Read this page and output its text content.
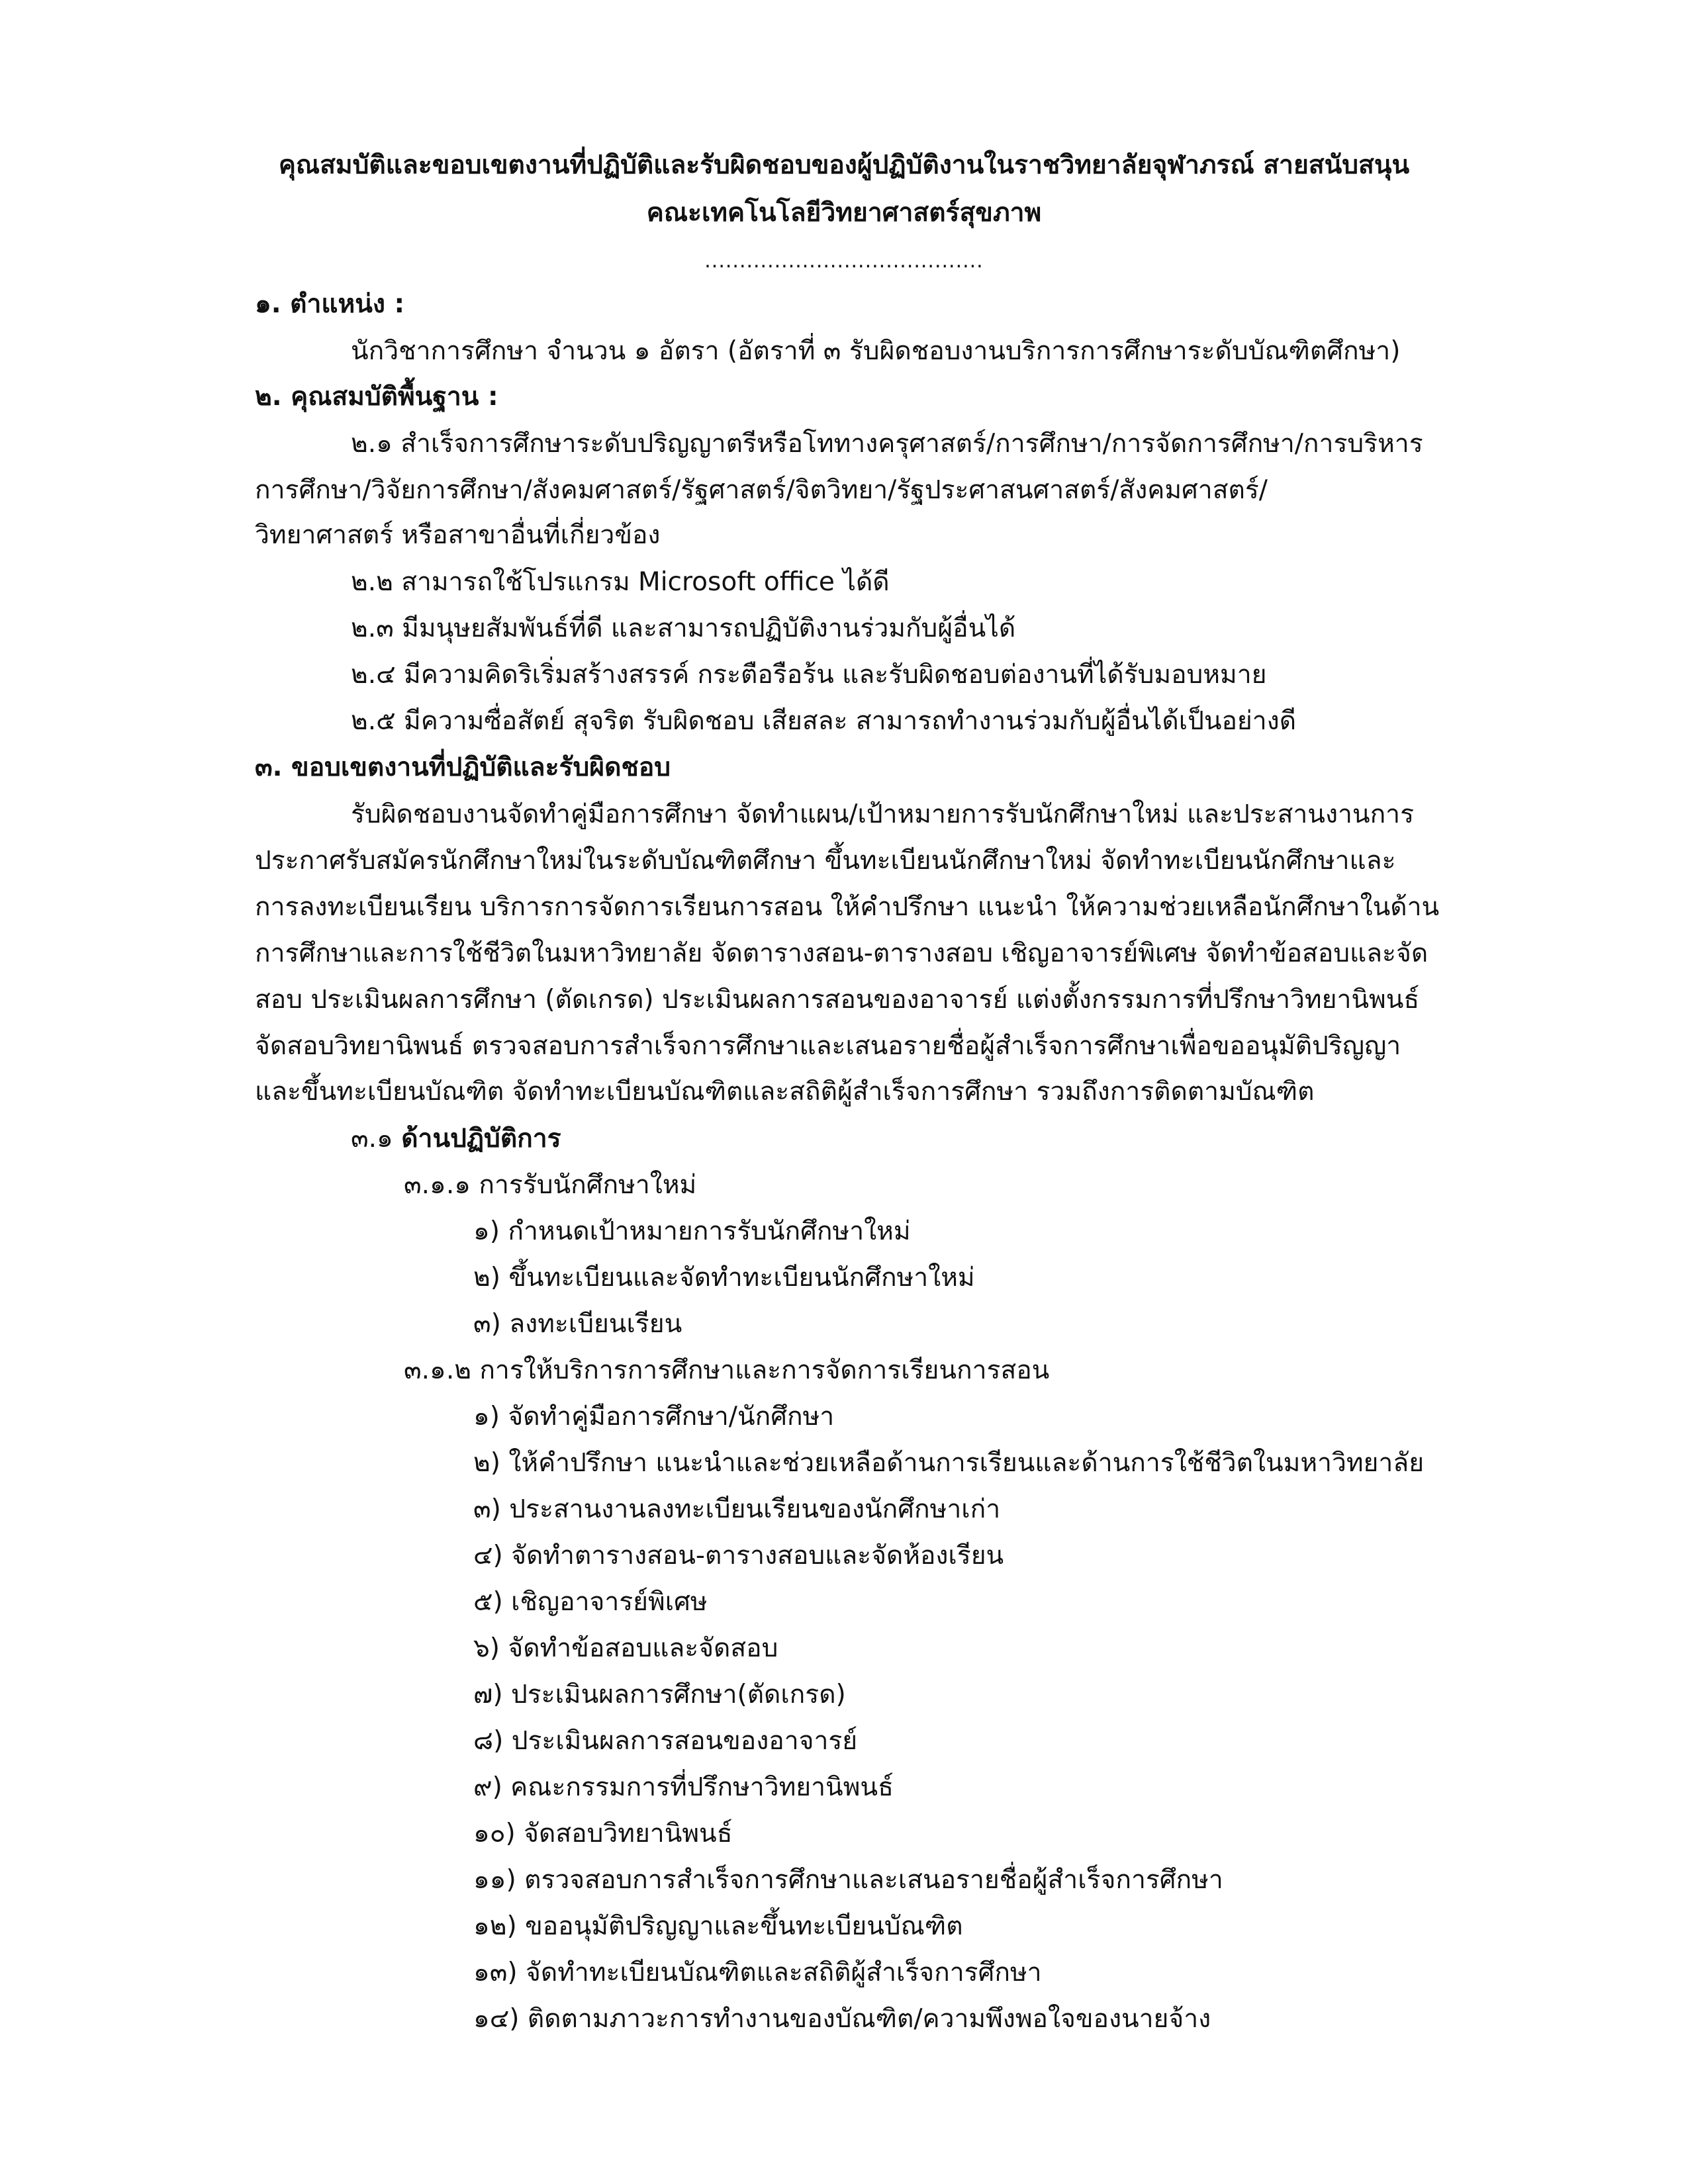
คุณสมบัติและขอบเขตงานที่ปฏิบัติและรับผิดชอบของผู้ปฏิบัติงานในราชวิทยาลัยจุฬาภรณ์ สายสนับสนุน
คณะเทคโนโลยีวิทยาศาสตร์สุขภาพ
........................................
๑. ตำแหน่ง :
นักวิชาการศึกษา จำนวน ๑ อัตรา (อัตราที่ ๓ รับผิดชอบงานบริการการศึกษาระดับบัณฑิตศึกษา)
๒. คุณสมบัติพื้นฐาน :
๒.๑ สำเร็จการศึกษาระดับปริญญาตรีหรือโททางครุศาสตร์/การศึกษา/การจัดการศึกษา/การบริหาร
การศึกษา/วิจัยการศึกษา/สังคมศาสตร์/รัฐศาสตร์/จิตวิทยา/รัฐประศาสนศาสตร์/สังคมศาสตร์/
วิทยาศาสตร์ หรือสาขาอื่นที่เกี่ยวข้อง
๒.๒ สามารถใช้โปรแกรม Microsoft office ได้ดี
๒.๓ มีมนุษยสัมพันธ์ที่ดี และสามารถปฏิบัติงานร่วมกับผู้อื่นได้
๒.๔ มีความคิดริเริ่มสร้างสรรค์ กระตือรือร้น และรับผิดชอบต่องานที่ได้รับมอบหมาย
๒.๕ มีความซื่อสัตย์ สุจริต รับผิดชอบ เสียสละ สามารถทำงานร่วมกับผู้อื่นได้เป็นอย่างดี
๓. ขอบเขตงานที่ปฏิบัติและรับผิดชอบ
รับผิดชอบงานจัดทำคู่มือการศึกษา จัดทำแผน/เป้าหมายการรับนักศึกษาใหม่ และประสานงานการ
ประกาศรับสมัครนักศึกษาใหม่ในระดับบัณฑิตศึกษา ขึ้นทะเบียนนักศึกษาใหม่ จัดทำทะเบียนนักศึกษาและ
การลงทะเบียนเรียน บริการการจัดการเรียนการสอน ให้คำปรึกษา แนะนำ ให้ความช่วยเหลือนักศึกษาในด้าน
การศึกษาและการใช้ชีวิตในมหาวิทยาลัย จัดตารางสอน-ตารางสอบ เชิญอาจารย์พิเศษ จัดทำข้อสอบและจัด
สอบ ประเมินผลการศึกษา (ตัดเกรด) ประเมินผลการสอนของอาจารย์ แต่งตั้งกรรมการที่ปรึกษาวิทยานิพนธ์
จัดสอบวิทยานิพนธ์ ตรวจสอบการสำเร็จการศึกษาและเสนอรายชื่อผู้สำเร็จการศึกษาเพื่อขออนุมัติปริญญา
และขึ้นทะเบียนบัณฑิต จัดทำทะเบียนบัณฑิตและสถิติผู้สำเร็จการศึกษา รวมถึงการติดตามบัณฑิต
๓.๑ ด้านปฏิบัติการ
๓.๑.๑ การรับนักศึกษาใหม่
๑) กำหนดเป้าหมายการรับนักศึกษาใหม่
๒) ขึ้นทะเบียนและจัดทำทะเบียนนักศึกษาใหม่
๓) ลงทะเบียนเรียน
๓.๑.๒ การให้บริการการศึกษาและการจัดการเรียนการสอน
๑) จัดทำคู่มือการศึกษา/นักศึกษา
๒) ให้คำปรึกษา แนะนำและช่วยเหลือด้านการเรียนและด้านการใช้ชีวิตในมหาวิทยาลัย
๓) ประสานงานลงทะเบียนเรียนของนักศึกษาเก่า
๔) จัดทำตารางสอน-ตารางสอบและจัดห้องเรียน
๕) เชิญอาจารย์พิเศษ
๖) จัดทำข้อสอบและจัดสอบ
๗) ประเมินผลการศึกษา(ตัดเกรด)
๘) ประเมินผลการสอนของอาจารย์
๙) คณะกรรมการที่ปรึกษาวิทยานิพนธ์
๑๐) จัดสอบวิทยานิพนธ์
๑๑) ตรวจสอบการสำเร็จการศึกษาและเสนอรายชื่อผู้สำเร็จการศึกษา
๑๒) ขออนุมัติปริญญาและขึ้นทะเบียนบัณฑิต
๑๓) จัดทำทะเบียนบัณฑิตและสถิติผู้สำเร็จการศึกษา
๑๔) ติดตามภาวะการทำงานของบัณฑิต/ความพึงพอใจของนายจ้าง
